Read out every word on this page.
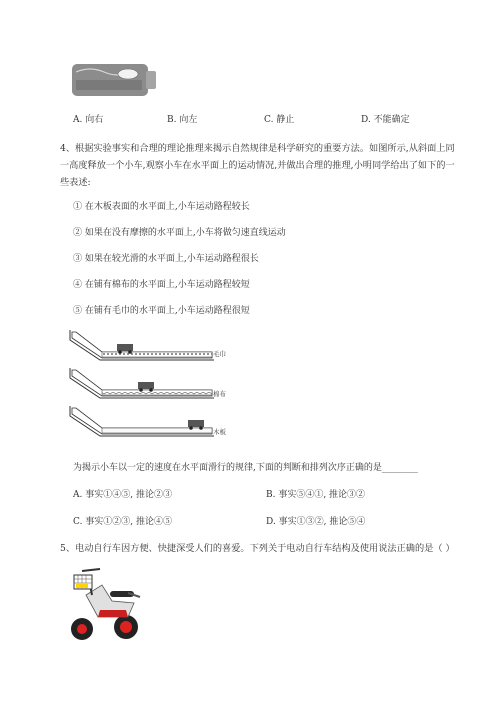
A. 向右	B. 向左	C. 静止	D. 不能确定
4、根据实验事实和合理的理论推理来揭示自然规律是科学研究的重要方法。如图所示,从斜面上同
一高度释放一个小车,观察小车在水平面上的运动情况,并做出合理的推理,小明同学给出了如下的一
些表述:
① 在木板表面的水平面上,小车运动路程较长
② 如果在没有摩擦的水平面上,小车将做匀速直线运动
③ 如果在较光滑的水平面上,小车运动路程很长
④ 在铺有棉布的水平面上,小车运动路程较短
⑤ 在铺有毛巾的水平面上,小车运动路程很短
毛巾
棉布
木板
为揭示小车以一定的速度在水平面滑行的规律,下面的判断和排列次序正确的是________
A. 事实①④⑤, 推论②③	B. 事实⑤④①, 推论③②
C. 事实①②③, 推论④⑤	D. 事实①③②, 推论⑤④
5、电动自行车因方便、快捷深受人们的喜爱。下列关于电动自行车结构及使用说法正确的是（ ）
